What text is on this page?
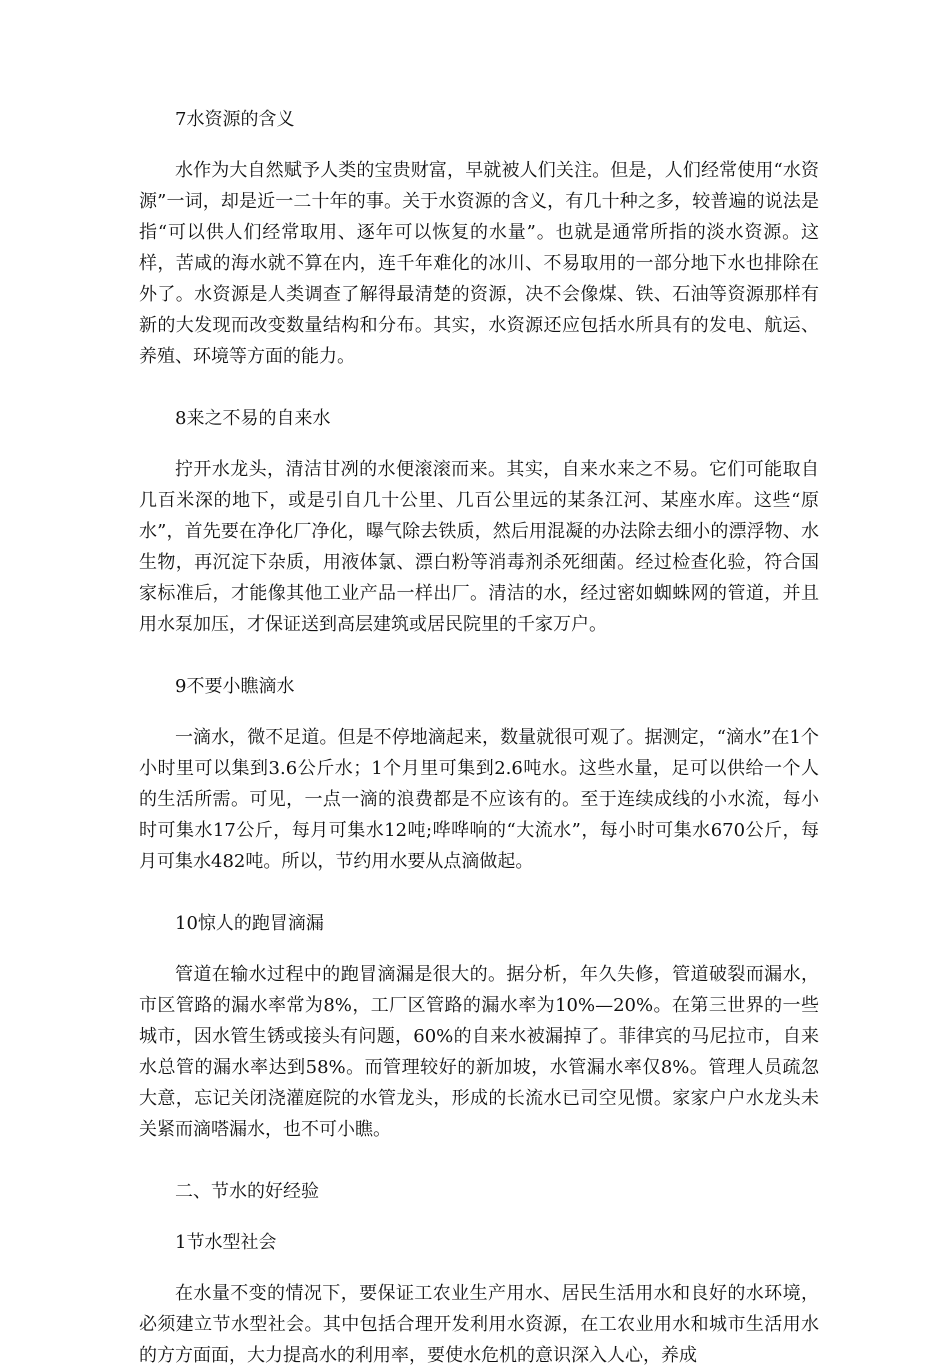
7水资源的含义

水作为大自然赋予人类的宝贵财富，早就被人们关注。但是，人们经常使用“水资源”一词，却是近一二十年的事。关于水资源的含义，有几十种之多，较普遍的说法是指“可以供人们经常取用、逐年可以恢复的水量”。也就是通常所指的淡水资源。这样，苦咸的海水就不算在内，连千年难化的冰川、不易取用的一部分地下水也排除在外了。水资源是人类调查了解得最清楚的资源，决不会像煤、铁、石油等资源那样有新的大发现而改变数量结构和分布。其实，水资源还应包括水所具有的发电、航运、养殖、环境等方面的能力。

8来之不易的自来水

拧开水龙头，清洁甘冽的水便滚滚而来。其实，自来水来之不易。它们可能取自几百米深的地下，或是引自几十公里、几百公里远的某条江河、某座水库。这些“原水”，首先要在净化厂净化，曝气除去铁质，然后用混凝的办法除去细小的漂浮物、水生物，再沉淀下杂质，用液体氯、漂白粉等消毒剂杀死细菌。经过检查化验，符合国家标准后，才能像其他工业产品一样出厂。清洁的水，经过密如蜘蛛网的管道，并且用水泵加压，才保证送到高层建筑或居民院里的千家万户。

9不要小瞧滴水

一滴水，微不足道。但是不停地滴起来，数量就很可观了。据测定，“滴水”在1个小时里可以集到3.6公斤水；1个月里可集到2.6吨水。这些水量，足可以供给一个人的生活所需。可见，一点一滴的浪费都是不应该有的。至于连续成线的小水流，每小时可集水17公斤，每月可集水12吨;哗哗响的“大流水”，每小时可集水670公斤，每月可集水482吨。所以，节约用水要从点滴做起。

10惊人的跑冒滴漏

管道在输水过程中的跑冒滴漏是很大的。据分析，年久失修，管道破裂而漏水，市区管路的漏水率常为8%，工厂区管路的漏水率为10%—20%。在第三世界的一些城市，因水管生锈或接头有问题，60%的自来水被漏掉了。菲律宾的马尼拉市，自来水总管的漏水率达到58%。而管理较好的新加坡，水管漏水率仅8%。管理人员疏忽大意，忘记关闭浇灌庭院的水管龙头，形成的长流水已司空见惯。家家户户水龙头未关紧而滴嗒漏水，也不可小瞧。

二、节水的好经验

1节水型社会

在水量不变的情况下，要保证工农业生产用水、居民生活用水和良好的水环境，必须建立节水型社会。其中包括合理开发利用水资源，在工农业用水和城市生活用水的方方面面，大力提高水的利用率，要使水危机的意识深入人心，养成
